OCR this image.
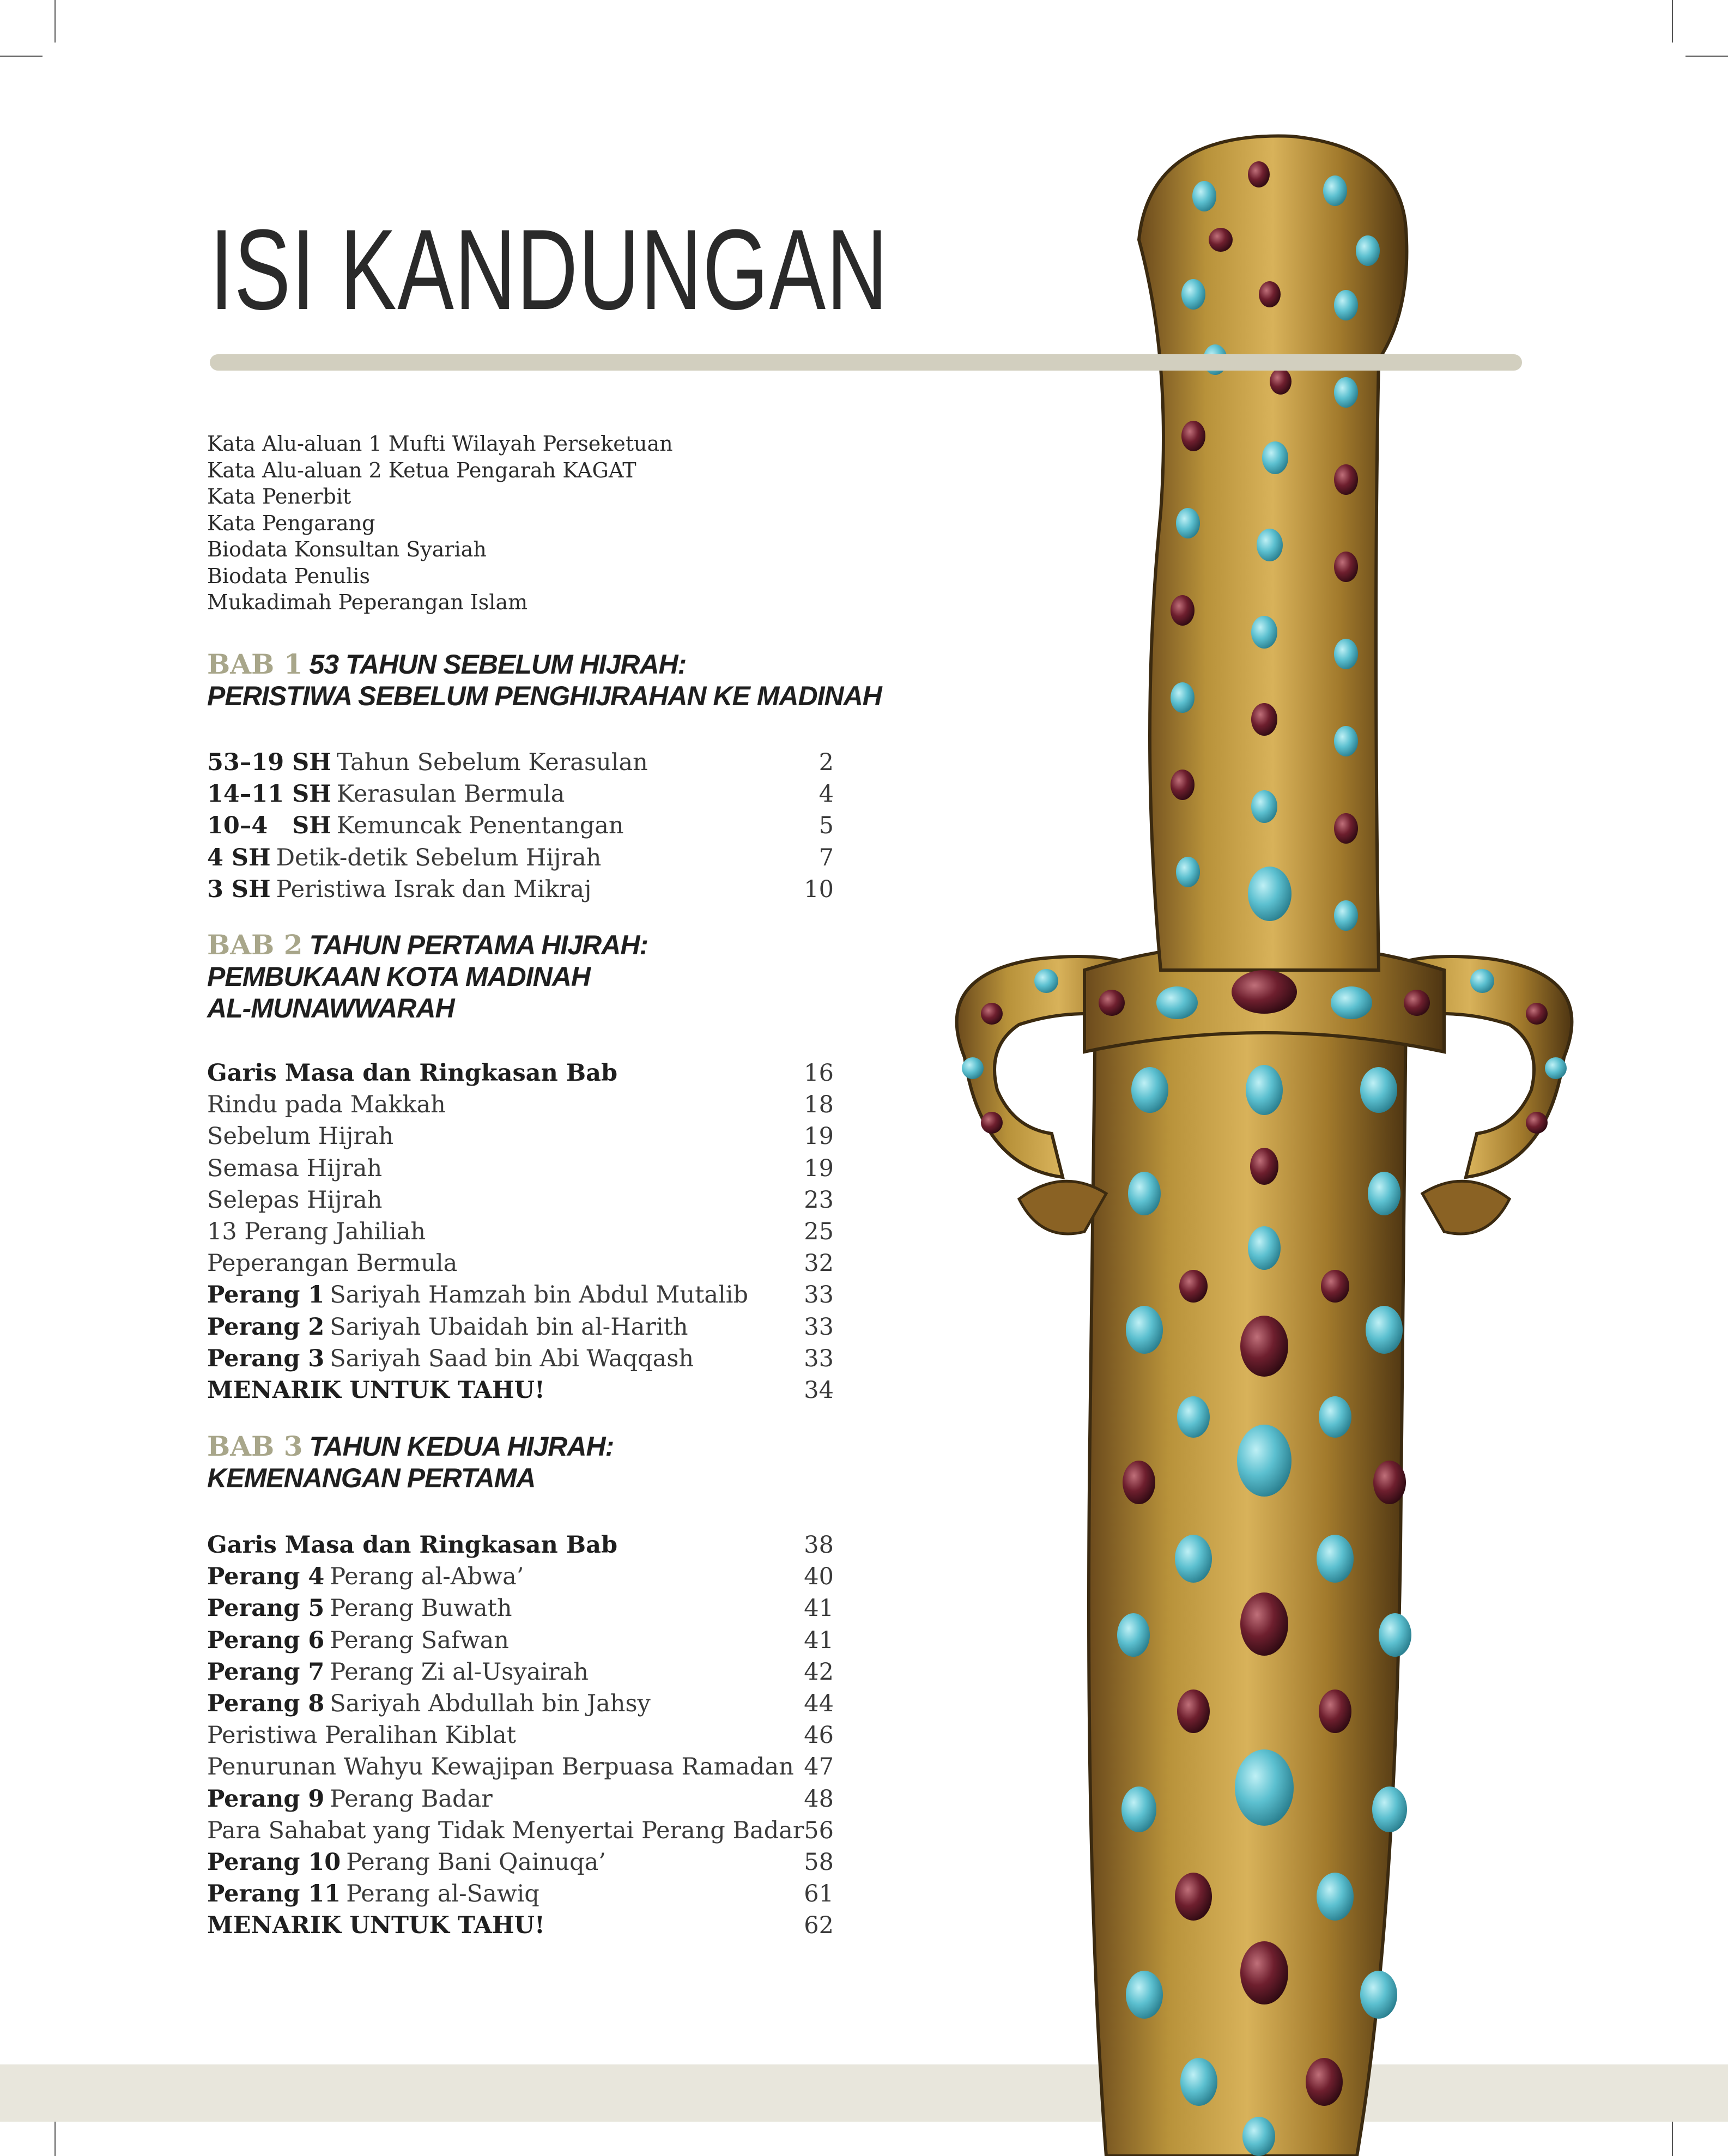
ISI KANDUNGAN
Kata Alu-aluan 1 Mufti Wilayah Perseketuan
Kata Alu-aluan 2 Ketua Pengarah KAGAT
Kata Penerbit
Kata Pengarang
Biodata Konsultan Syariah
Biodata Penulis
Mukadimah Peperangan Islam
BAB 1 53 TAHUN SEBELUM HIJRAH:
PERISTIWA SEBELUM PENGHIJRAHAN KE MADINAH
53–19 SH Tahun Sebelum Kerasulan	2
14–11 SH Kerasulan Bermula	4
10–4   SH Kemuncak Penentangan	5
4 SH Detik-detik Sebelum Hijrah	7
3 SH Peristiwa Israk dan Mikraj	10
BAB 2 TAHUN PERTAMA HIJRAH:
PEMBUKAAN KOTA MADINAH
AL-MUNAWWARAH
Garis Masa dan Ringkasan Bab	16
Rindu pada Makkah	18
Sebelum Hijrah	19
Semasa Hijrah	19
Selepas Hijrah	23
13 Perang Jahiliah	25
Peperangan Bermula	32
Perang 1 Sariyah Hamzah bin Abdul Mutalib 33
Perang 2 Sariyah Ubaidah bin al-Harith	33
Perang 3 Sariyah Saad bin Abi Waqqash	33
MENARIK UNTUK TAHU!	34
BAB 3 TAHUN KEDUA HIJRAH:
KEMENANGAN PERTAMA
Garis Masa dan Ringkasan Bab	38
Perang 4 Perang al-Abwa’	40
Perang 5 Perang Buwath	41
Perang 6 Perang Safwan	41
Perang 7 Perang Zi al-Usyairah	42
Perang 8 Sariyah Abdullah bin Jahsy	44
Peristiwa Peralihan Kiblat	46
Penurunan Wahyu Kewajipan Berpuasa Ramadan 47
Perang 9 Perang Badar	48
Para Sahabat yang Tidak Menyertai Perang Badar 56
Perang 10 Perang Bani Qainuqa’	58
Perang 11 Perang al-Sawiq	61
MENARIK UNTUK TAHU!	62
